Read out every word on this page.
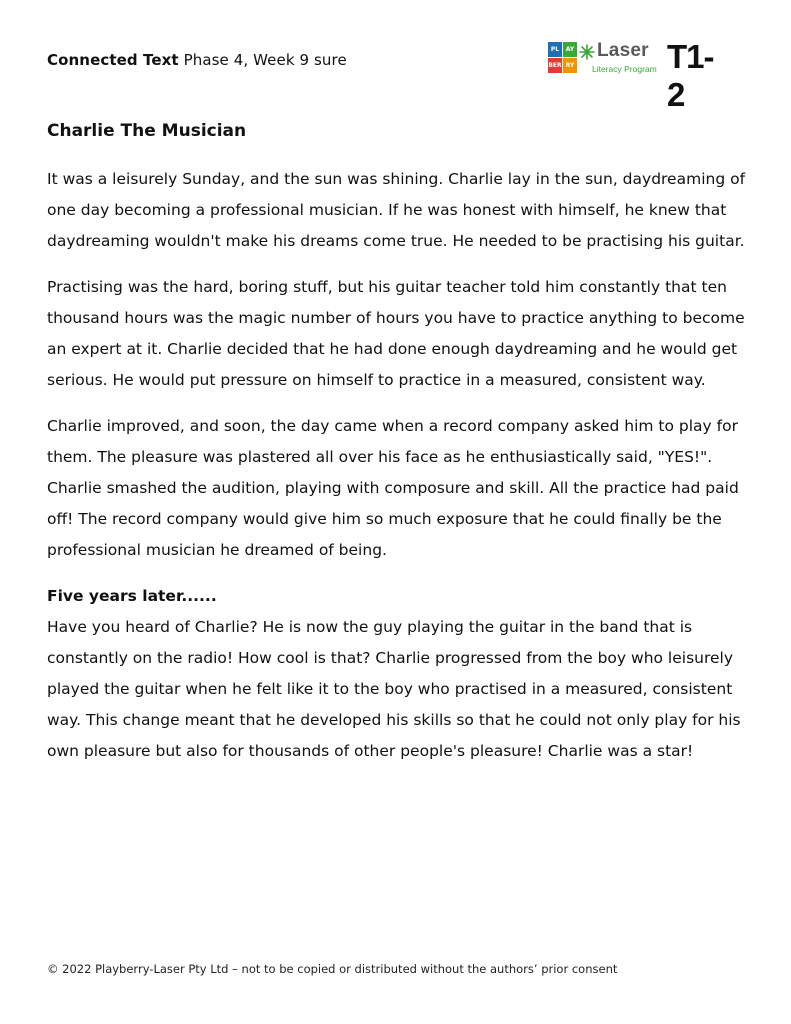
Connected Text Phase 4, Week 9 sure
PL	AY
BER RY
Laser
Literacy Program T1-2
Charlie The Musician

It was a leisurely Sunday, and the sun was shining. Charlie lay in the sun, daydreaming of one day becoming a professional musician. If he was honest with himself, he knew that daydreaming wouldn't make his dreams come true. He needed to be practising his guitar.

Practising was the hard, boring stuff, but his guitar teacher told him constantly that ten thousand hours was the magic number of hours you have to practice anything to become an expert at it. Charlie decided that he had done enough daydreaming and he would get serious. He would put pressure on himself to practice in a measured, consistent way.

Charlie improved, and soon, the day came when a record company asked him to play for them. The pleasure was plastered all over his face as he enthusiastically said, "YES!". Charlie smashed the audition, playing with composure and skill. All the practice had paid off! The record company would give him so much exposure that he could finally be the professional musician he dreamed of being.

Five years later......

Have you heard of Charlie? He is now the guy playing the guitar in the band that is constantly on the radio! How cool is that? Charlie progressed from the boy who leisurely played the guitar when he felt like it to the boy who practised in a measured, consistent way. This change meant that he developed his skills so that he could not only play for his own pleasure but also for thousands of other people's pleasure! Charlie was a star!

© 2022 Playberry-Laser Pty Ltd – not to be copied or distributed without the authors’ prior consent
